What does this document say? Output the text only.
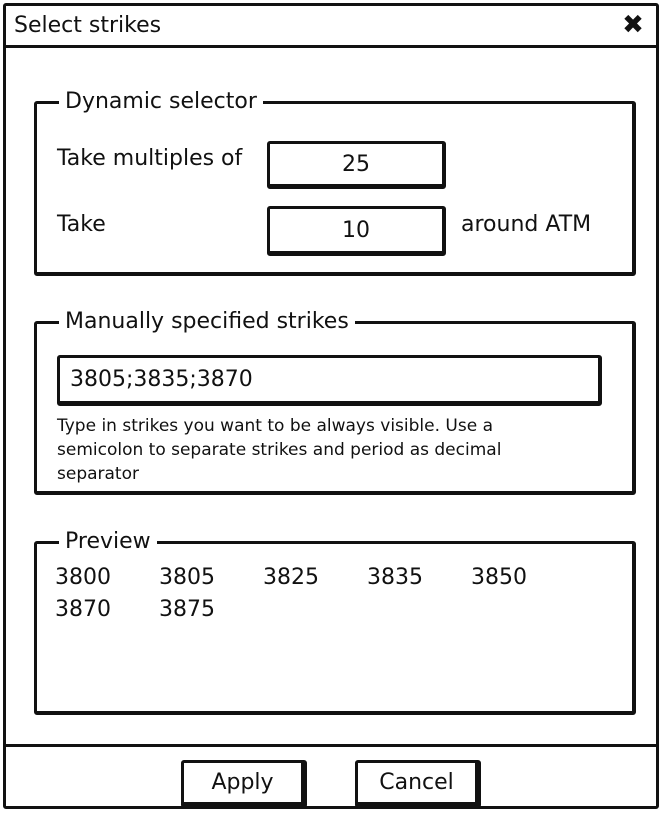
Select strikes	✖
Dynamic selector
Take multiples of
25
Take
10	around ATM
Manually specified strikes
3805;3835;3870
Type in strikes you want to be always visible. Use a semicolon to separate strikes and period as decimal separator
Preview
3800	3805	3825	3835	3850
3870	3875
Apply	Cancel
